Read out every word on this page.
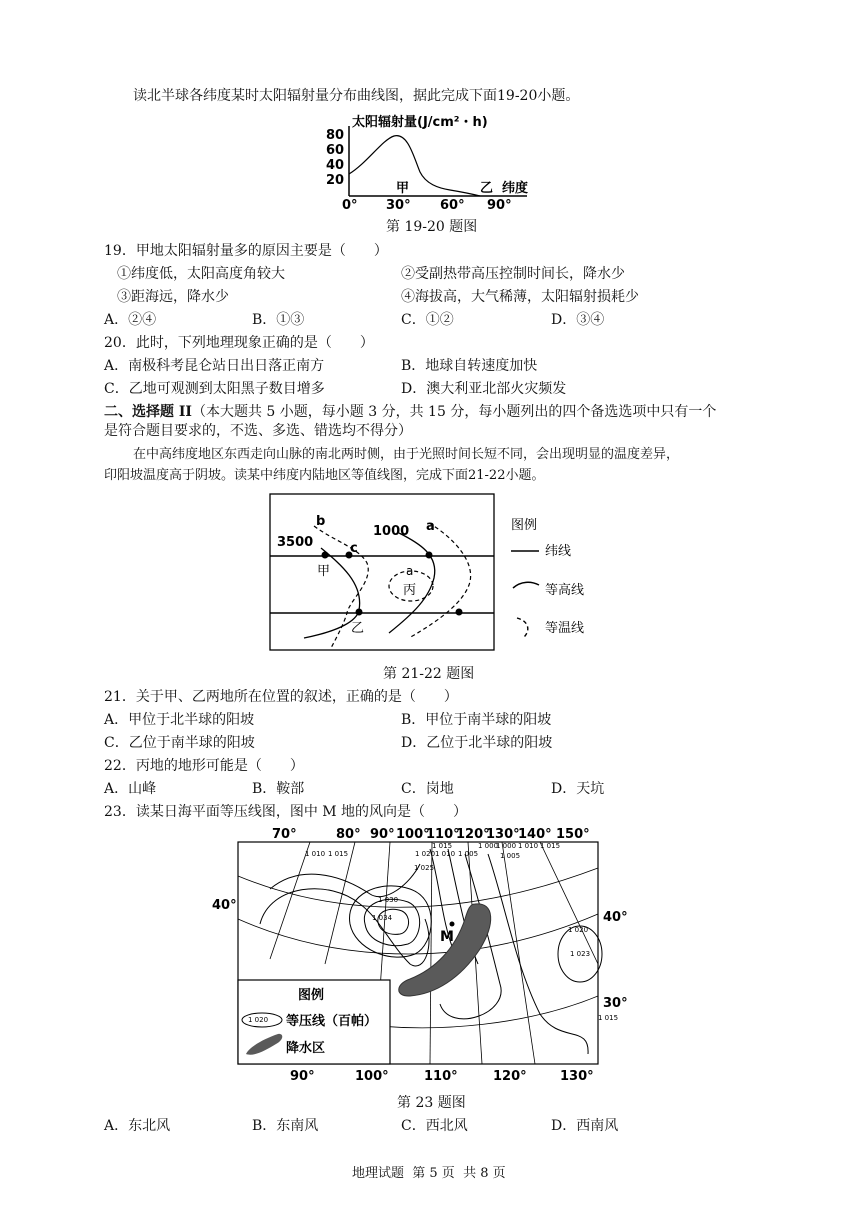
读北半球各纬度某时太阳辐射量分布曲线图，据此完成下面19-20小题。
太阳辐射量(J/cm²・h)
80
60
40
20
甲	乙 纬度
0° 30° 60° 90°
第 19-20 题图
19．甲地太阳辐射量多的原因主要是（　　）
①纬度低，太阳高度角较大	②受副热带高压控制时间长，降水少
③距海远，降水少	④海拔高，大气稀薄，太阳辐射损耗少
A．②④	B．①③	C．①②	D．③④
20．此时，下列地理现象正确的是（　　）
A．南极科考昆仑站日出日落正南方	B．地球自转速度加快
C．乙地可观测到太阳黑子数目增多	D．澳大利亚北部火灾频发
二、选择题 II（本大题共 5 小题，每小题 3 分，共 15 分，每小题列出的四个备选选项中只有一个
是符合题目要求的，不选、多选、错选均不得分）
在中高纬度地区东西走向山脉的南北两时侧，由于光照时间长短不同，会出现明显的温度差异，
印阳坡温度高于阴坡。读某中纬度内陆地区等值线图，完成下面21-22小题。
3500
b
c
1000 a
甲
乙
a
丙
图例
纬线
等高线
等温线
第 21-22 题图
21．关于甲、乙两地所在位置的叙述，正确的是（　　）
A．甲位于北半球的阳坡	B．甲位于南半球的阳坡
C．乙位于南半球的阳坡	D．乙位于北半球的阳坡
22．丙地的地形可能是（　　）
A．山峰	B．鞍部	C．岗地	D．天坑
23．读某日海平面等压线图，图中 M 地的风向是（　　）
70°	80° 90° 100°
110°
120°
130°
140° 150°
1 010 1 015	1 020
1 025
1 030
1 034
1 015
1 010 1 005
1 000
1 000 1 010
1 005
1 015
1 020
1 023
1 015
M
40°
40°
30°
图例
1 020 等压线（百帕）
降水区
90°	100°	110°	120°	130°
第 23 题图
A．东北风	B．东南风	C．西北风	D．西南风
地理试题  第 5 页  共 8 页
